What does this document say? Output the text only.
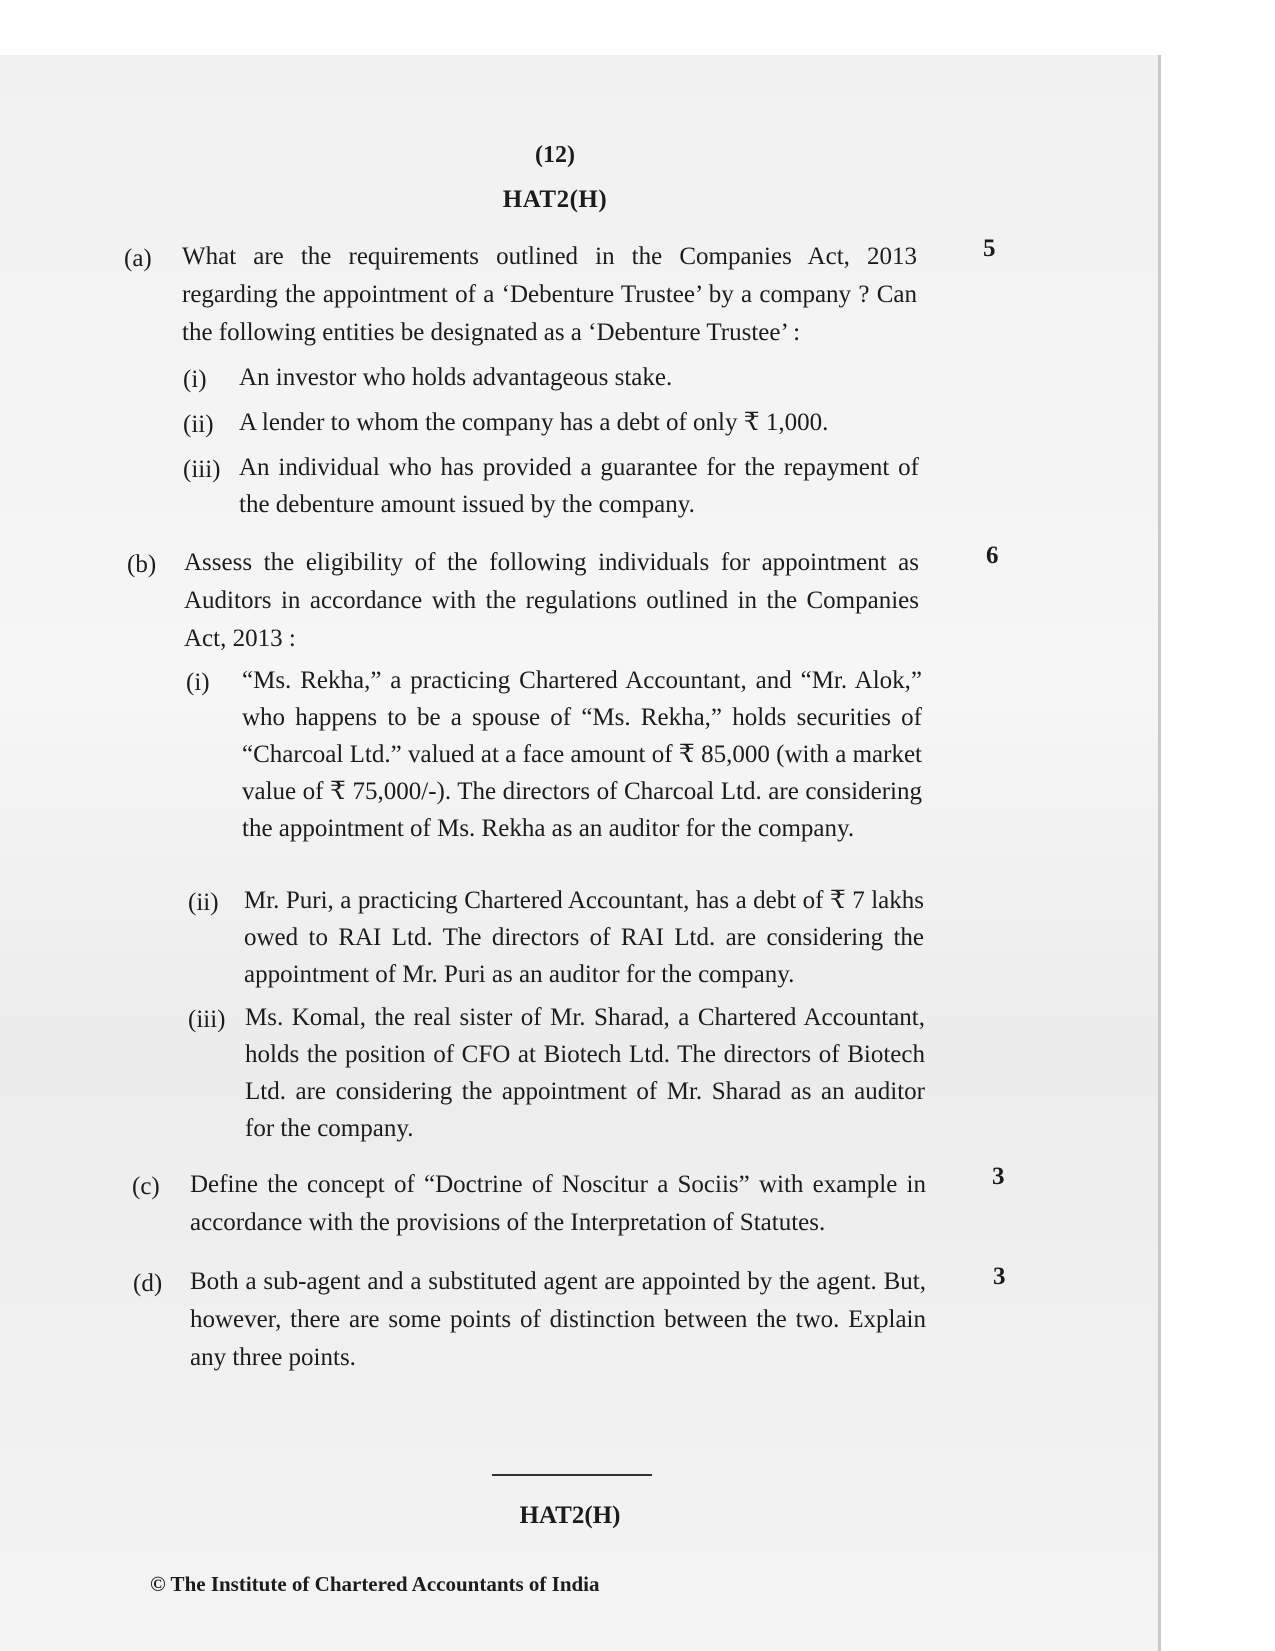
(12)
HAT2(H)
(a) What are the requirements outlined in the Companies Act, 2013 regarding the appointment of a ‘Debenture Trustee’ by a company ? Can the following entities be designated as a ‘Debenture Trustee’ :
5
(i) An investor who holds advantageous stake.
(ii) A lender to whom the company has a debt of only ₹ 1,000.
(iii) An individual who has provided a guarantee for the repayment of the debenture amount issued by the company.
(b) Assess the eligibility of the following individuals for appointment as Auditors in accordance with the regulations outlined in the Companies Act, 2013 :
6
(i) “Ms. Rekha,” a practicing Chartered Accountant, and “Mr. Alok,” who happens to be a spouse of “Ms. Rekha,” holds securities of “Charcoal Ltd.” valued at a face amount of ₹ 85,000 (with a market value of ₹ 75,000/-). The directors of Charcoal Ltd. are considering the appointment of Ms. Rekha as an auditor for the company.
(ii) Mr. Puri, a practicing Chartered Accountant, has a debt of ₹ 7 lakhs owed to RAI Ltd. The directors of RAI Ltd. are considering the appointment of Mr. Puri as an auditor for the company.
(iii) Ms. Komal, the real sister of Mr. Sharad, a Chartered Accountant, holds the position of CFO at Biotech Ltd. The directors of Biotech Ltd. are considering the appointment of Mr. Sharad as an auditor for the company.
(c) Define the concept of “Doctrine of Noscitur a Sociis” with example in accordance with the provisions of the Interpretation of Statutes.
3
(d) Both a sub-agent and a substituted agent are appointed by the agent. But, however, there are some points of distinction between the two. Explain any three points.
3
HAT2(H)
© The Institute of Chartered Accountants of India
